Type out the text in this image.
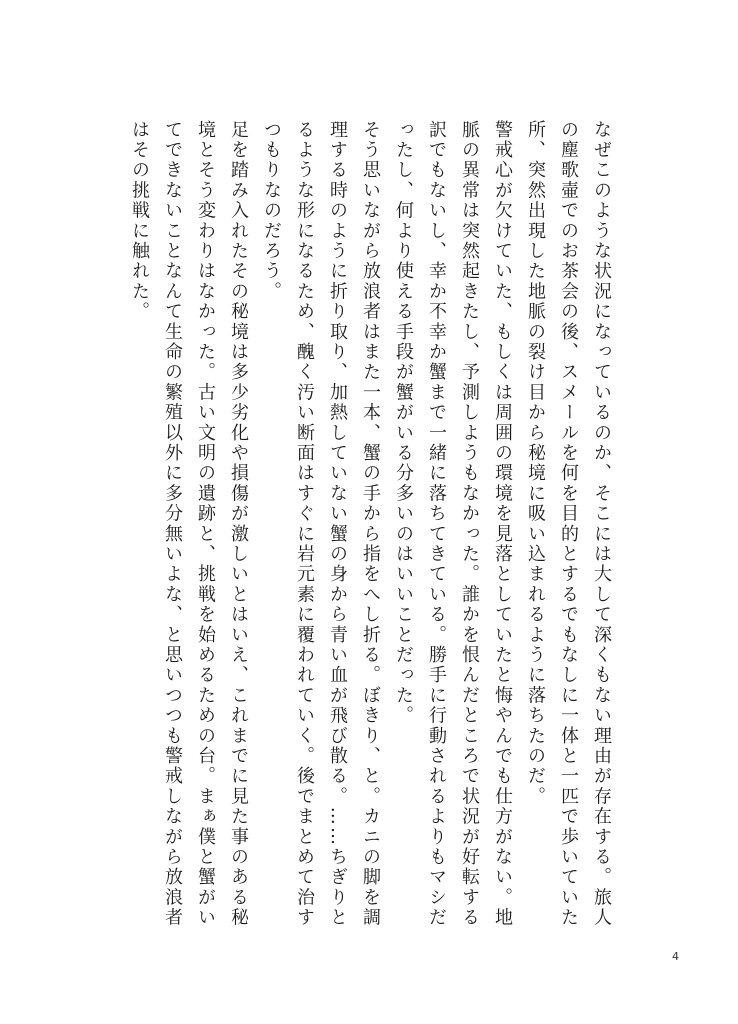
なぜこのような状況になっているのか、そこには大して深くもない理由が存在する。旅人の塵歌壷でのお茶会の後、スメールを何を目的とするでもなしに一体と一匹で歩いていた所、突然出現した地脈の裂け目から秘境に吸い込まれるように落ちたのだ。

警戒心が欠けていた、もしくは周囲の環境を見落としていたと悔やんでも仕方がない。地脈の異常は突然起きたし、予測しようもなかった。誰かを恨んだところで状況が好転する訳でもないし、幸か不幸か蟹まで一緒に落ちてきている。勝手に行動されるよりもマシだったし、何より使える手段が蟹がいる分多いのはいいことだった。

そう思いながら放浪者はまた一本、蟹の手から指をへし折る。ぼきり、と。カニの脚を調理する時のように折り取り、加熱していない蟹の身から青い血が飛び散る。……ちぎりとるような形になるため、醜く汚い断面はすぐに岩元素に覆われていく。後でまとめて治すつもりなのだろう。

足を踏み入れたその秘境は多少劣化や損傷が激しいとはいえ、これまでに見た事のある秘境とそう変わりはなかった。古い文明の遺跡と、挑戦を始めるための台。まぁ僕と蟹がいてできないことなんて生命の繁殖以外に多分無いよな、と思いつつも警戒しながら放浪者はその挑戦に触れた。

4
